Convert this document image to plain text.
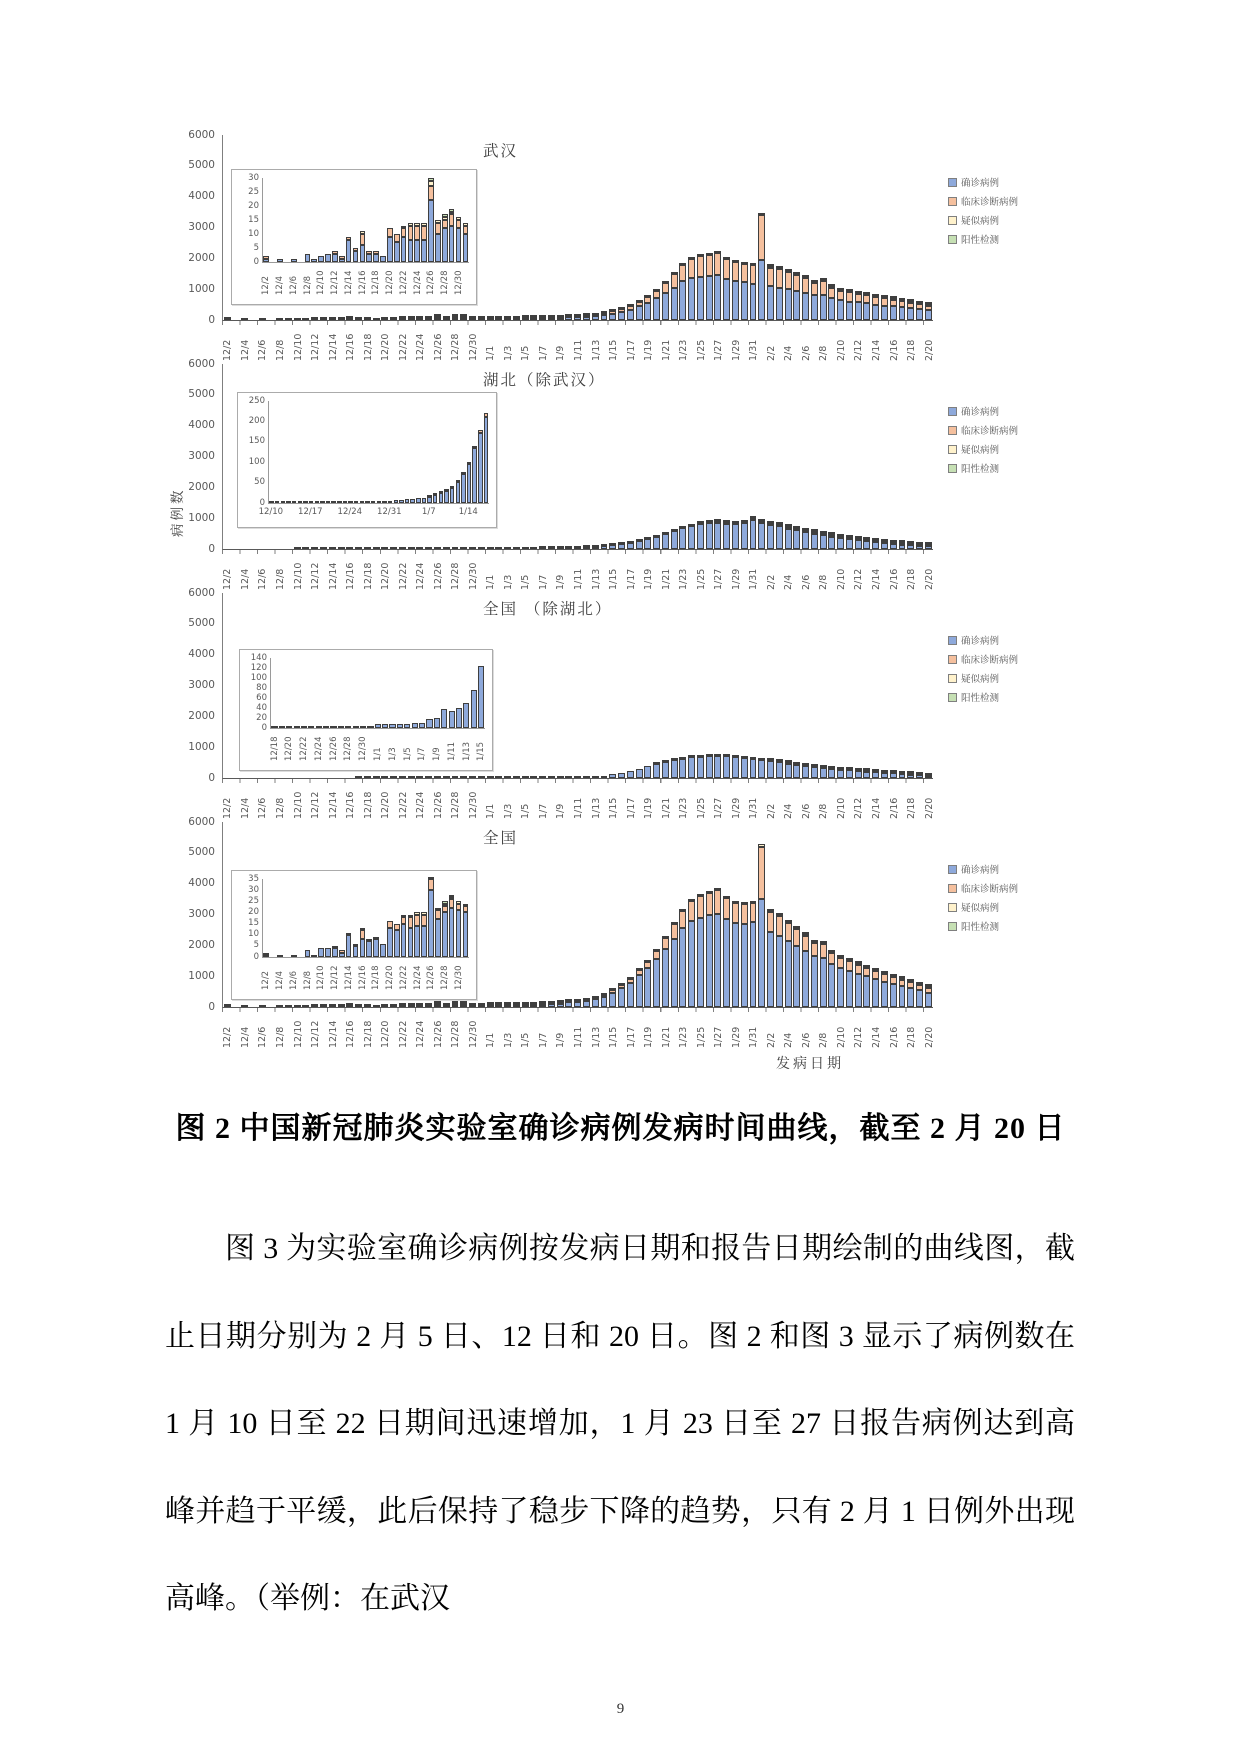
病例数
0
1000
2000
3000
4000
5000
6000
武汉
0
5
10
15
20
25
30
12/2 12/4 12/6 12/8 12/10 12/12 12/14 12/16 12/18 12/20 12/22 12/24 12/26 12/28 12/30
12/2 12/4 12/6 12/8 12/10 12/12 12/14 12/16 12/18 12/20 12/22 12/24 12/26 12/28 12/30 1/1 1/3 1/5 1/7 1/9 1/11 1/13 1/15 1/17 1/19 1/21 1/23 1/25 1/27 1/29 1/31 2/2 2/4 2/6 2/8 2/10 2/12 2/14 2/16 2/18 2/20
确诊病例
临床诊断病例
疑似病例
阳性检测
0
1000
2000
3000
4000
5000
6000
湖北（除武汉）
0
50
100
150
200
250
12/10	12/17	12/24	12/31	1/7	1/14
12/2 12/4 12/6 12/8 12/10 12/12 12/14 12/16 12/18 12/20 12/22 12/24 12/26 12/28 12/30 1/1 1/3 1/5 1/7 1/9 1/11 1/13 1/15 1/17 1/19 1/21 1/23 1/25 1/27 1/29 1/31 2/2 2/4 2/6 2/8 2/10 2/12 2/14 2/16 2/18 2/20
确诊病例
临床诊断病例
疑似病例
阳性检测
0
1000
2000
3000
4000
5000
6000
全国 （除湖北）
0
20
40
60
80
100
120
140
12/18 12/20 12/22 12/24 12/26 12/28 12/30 1/1 1/3 1/5 1/7 1/9 1/11 1/13 1/15
12/2 12/4 12/6 12/8 12/10 12/12 12/14 12/16 12/18 12/20 12/22 12/24 12/26 12/28 12/30 1/1 1/3 1/5 1/7 1/9 1/11 1/13 1/15 1/17 1/19 1/21 1/23 1/25 1/27 1/29 1/31 2/2 2/4 2/6 2/8 2/10 2/12 2/14 2/16 2/18 2/20
确诊病例
临床诊断病例
疑似病例
阳性检测
0
1000
2000
3000
4000
5000
6000
全国
0
5
10
15
20
25
30
35
12/2 12/4 12/6 12/8 12/10 12/12 12/14 12/16 12/18 12/20 12/22 12/24 12/26 12/28 12/30
12/2 12/4 12/6 12/8 12/10 12/12 12/14 12/16 12/18 12/20 12/22 12/24 12/26 12/28 12/30 1/1 1/3 1/5 1/7 1/9 1/11 1/13 1/15 1/17 1/19 1/21 1/23 1/25 1/27 1/29 1/31 2/2 2/4 2/6 2/8 2/10 2/12 2/14 2/16 2/18 2/20
确诊病例
临床诊断病例
疑似病例
阳性检测
发病日期
图 2 中国新冠肺炎实验室确诊病例发病时间曲线，截至 2 月 20 日

图 3 为实验室确诊病例按发病日期和报告日期绘制的曲线图，截止日期分别为 2 月 5 日、12 日和 20 日。图 2 和图 3 显示了病例数在 1 月 10 日至 22 日期间迅速增加，1 月 23 日至 27 日报告病例达到高峰并趋于平缓，此后保持了稳步下降的趋势，只有 2 月 1 日例外出现高峰。（举例：在武汉

9
